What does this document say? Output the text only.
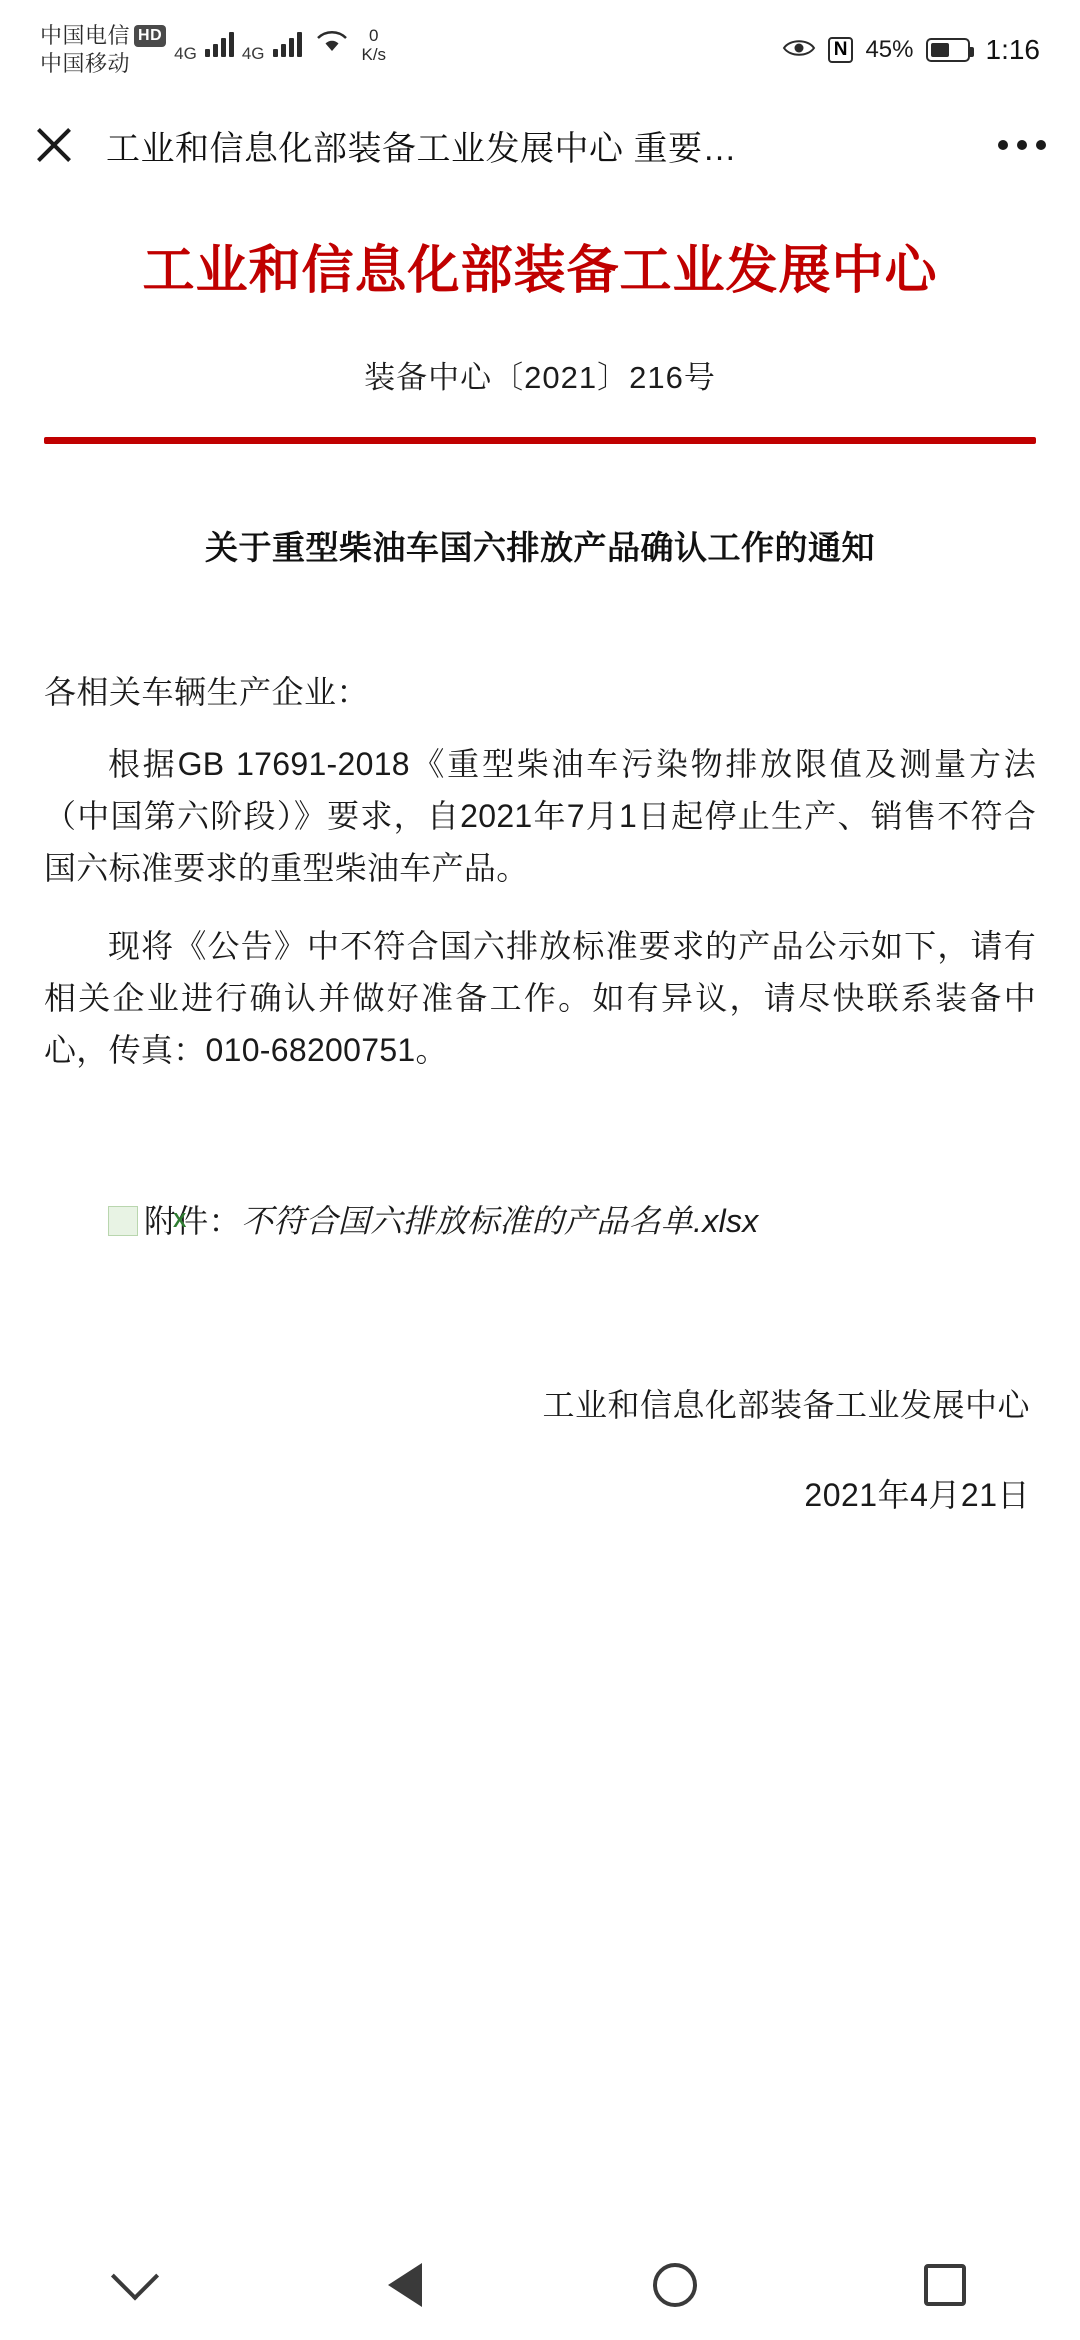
中国电信 HD
中国移动	4G	4G
0
K/s	N 45%	1:16
工业和信息化部装备工业发展中心 重要…
工业和信息化部装备工业发展中心
装备中心〔2021〕216号
关于重型柴油车国六排放产品确认工作的通知
各相关车辆生产企业：

根据GB 17691-2018《重型柴油车污染物排放限值及测量方法（中国第六阶段）》要求，自2021年7月1日起停止生产、销售不符合国六标准要求的重型柴油车产品。

现将《公告》中不符合国六排放标准要求的产品公示如下，请有相关企业进行确认并做好准备工作。如有异议，请尽快联系装备中心，传真：010-68200751。

X附件：不符合国六排放标准的产品名单.xlsx
工业和信息化部装备工业发展中心
2021年4月21日
